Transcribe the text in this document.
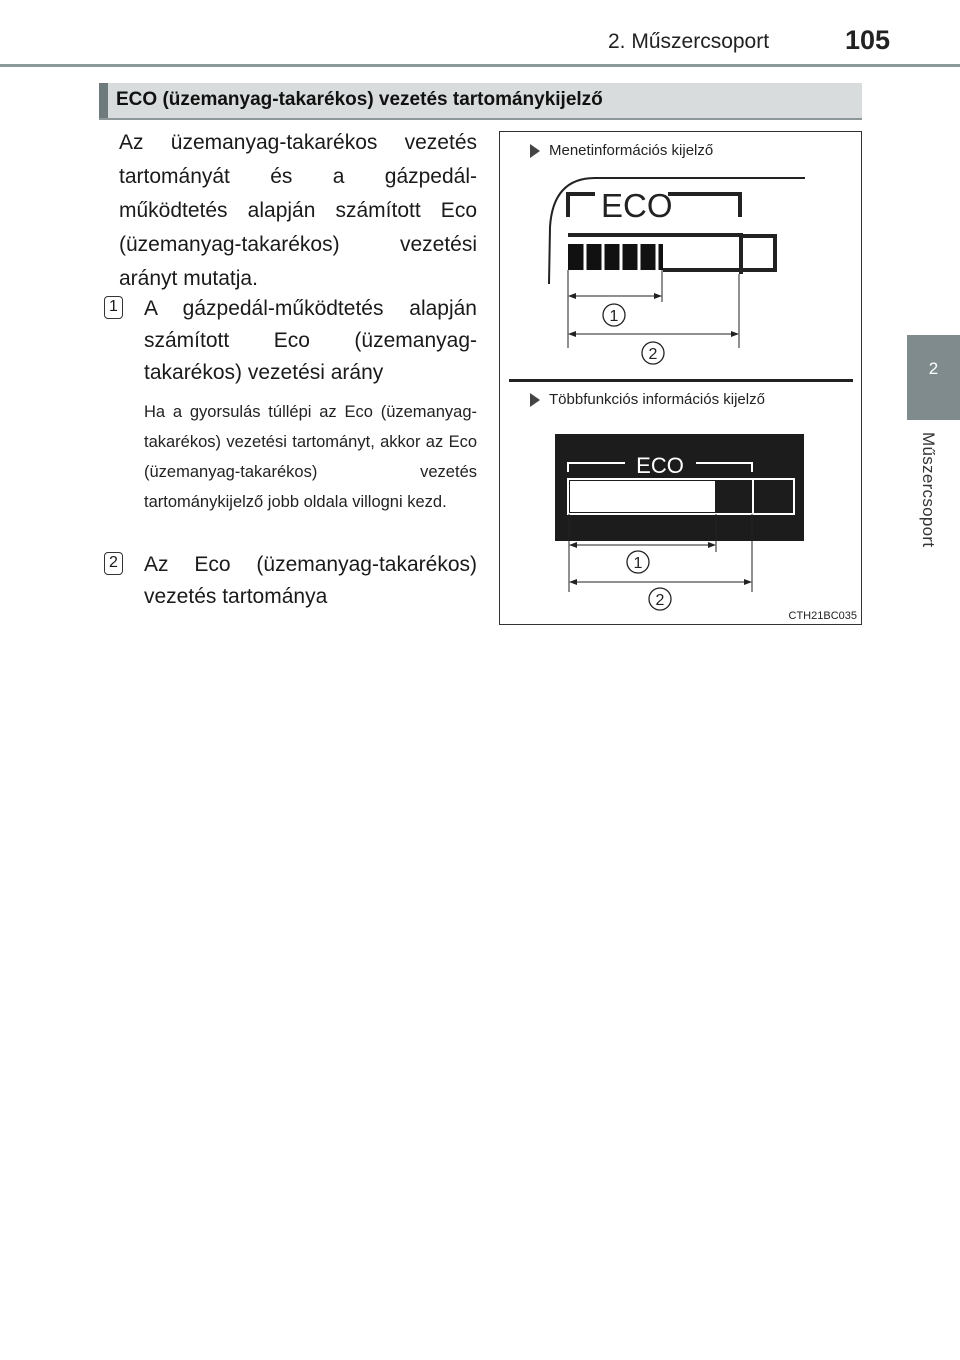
2. Műszercsoport	105
2
Műszercsoport
ECO (üzemanyag-takarékos) vezetés tartománykijelző
Az üzemanyag-takarékos vezetés tartományát és a gázpedál-működtetés alapján számított Eco (üzemanyag-takarékos) vezetési arányt mutatja.
1 A gázpedál-működtetés alapján számított Eco (üzemanyag-takarékos) vezetési arány
Ha a gyorsulás túllépi az Eco (üzemanyag-takarékos) vezetési tartományt, akkor az Eco (üzemanyag-takarékos) vezetés tartománykijelző jobb oldala villogni kezd.
2 Az Eco (üzemanyag-takarékos) vezetés tartománya
Menetinformációs kijelző
ECO
1
2
ECO
1
2
Többfunkciós információs kijelző
CTH21BC035
